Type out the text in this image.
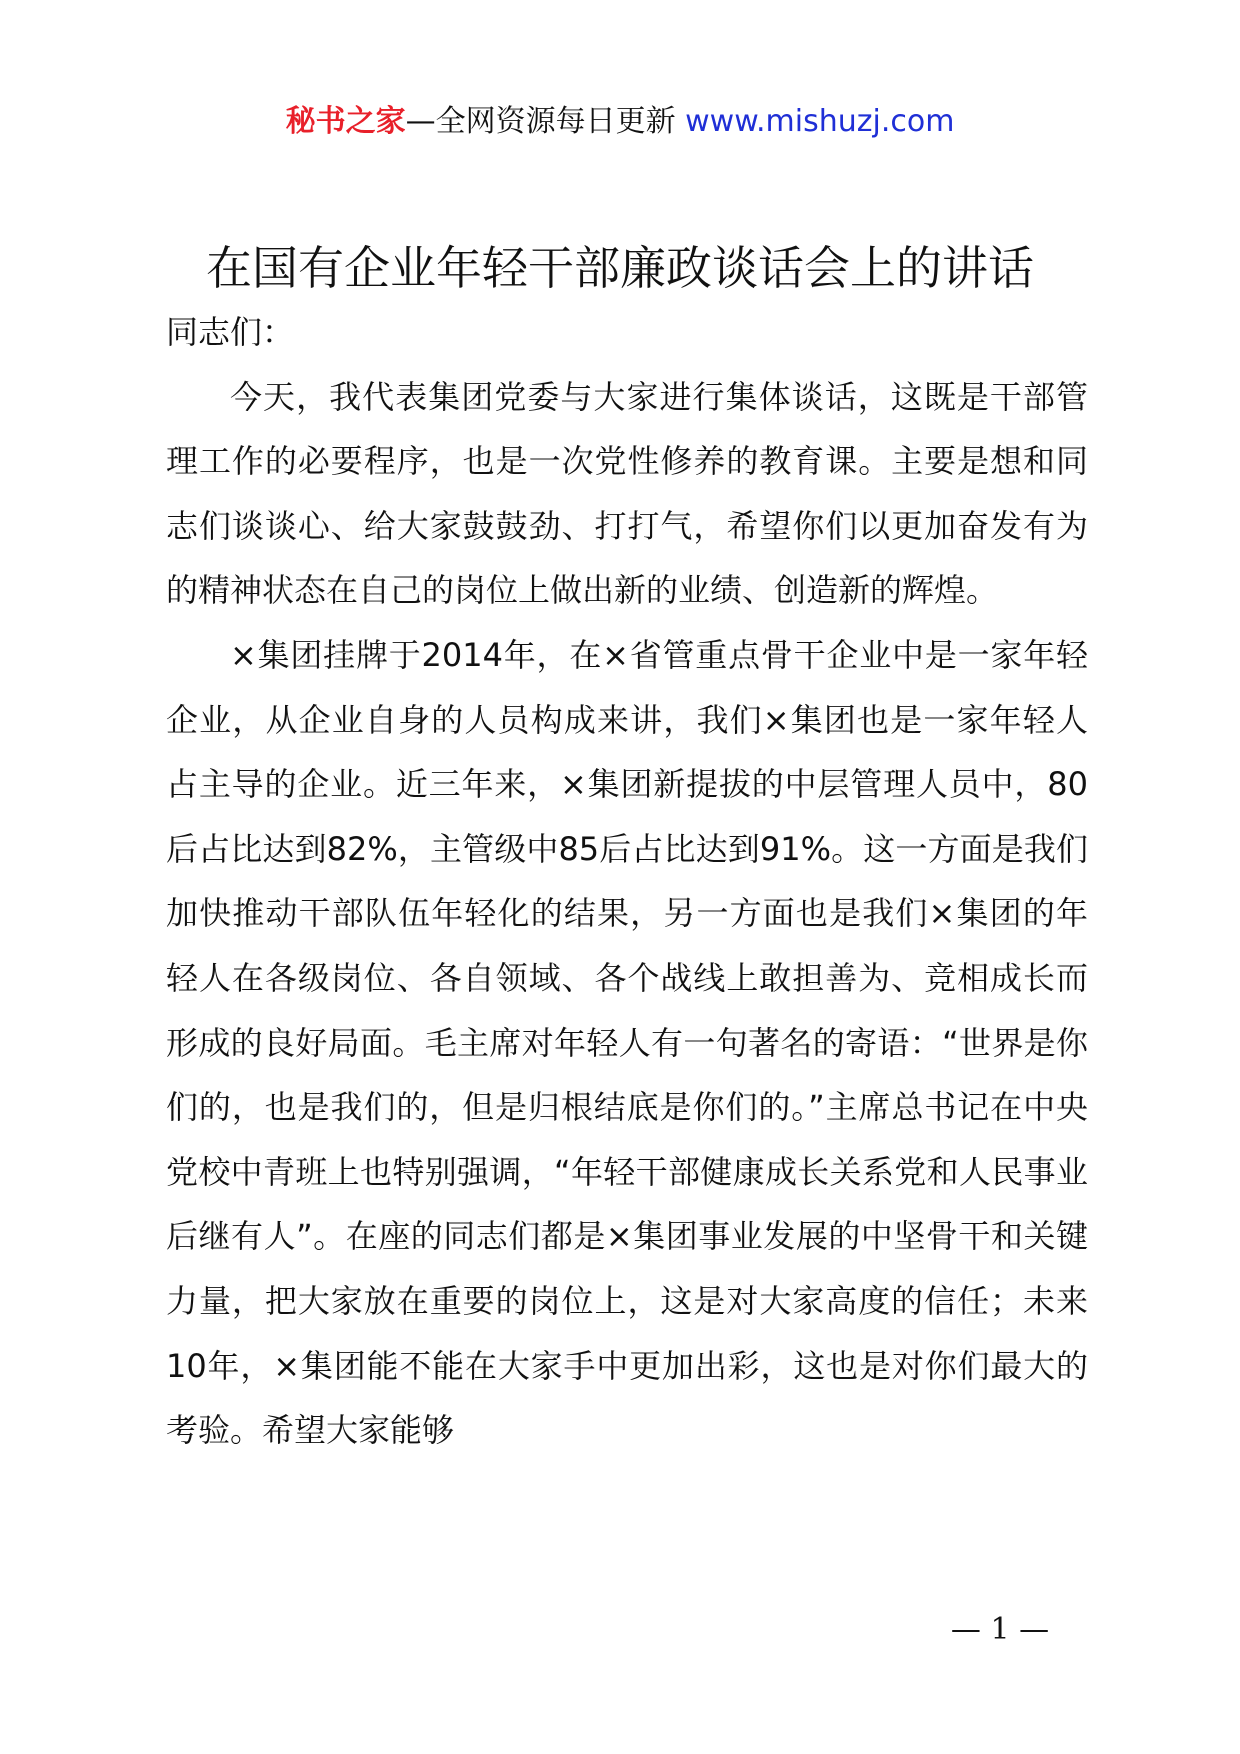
秘书之家—全网资源每日更新 www.mishuzj.com
在国有企业年轻干部廉政谈话会上的讲话

同志们：

今天，我代表集团党委与大家进行集体谈话，这既是干部管理工作的必要程序，也是一次党性修养的教育课。主要是想和同志们谈谈心、给大家鼓鼓劲、打打气，希望你们以更加奋发有为的精神状态在自己的岗位上做出新的业绩、创造新的辉煌。

×集团挂牌于2014年，在×省管重点骨干企业中是一家年轻企业，从企业自身的人员构成来讲，我们×集团也是一家年轻人占主导的企业。近三年来，×集团新提拔的中层管理人员中，80后占比达到82%，主管级中85后占比达到91%。这一方面是我们加快推动干部队伍年轻化的结果，另一方面也是我们×集团的年轻人在各级岗位、各自领域、各个战线上敢担善为、竞相成长而形成的良好局面。毛主席对年轻人有一句著名的寄语：“世界是你们的，也是我们的，但是归根结底是你们的。”主席总书记在中央党校中青班上也特别强调，“年轻干部健康成长关系党和人民事业后继有人”。在座的同志们都是×集团事业发展的中坚骨干和关键力量，把大家放在重要的岗位上，这是对大家高度的信任；未来10年，×集团能不能在大家手中更加出彩，这也是对你们最大的考验。希望大家能够

— 1 —
